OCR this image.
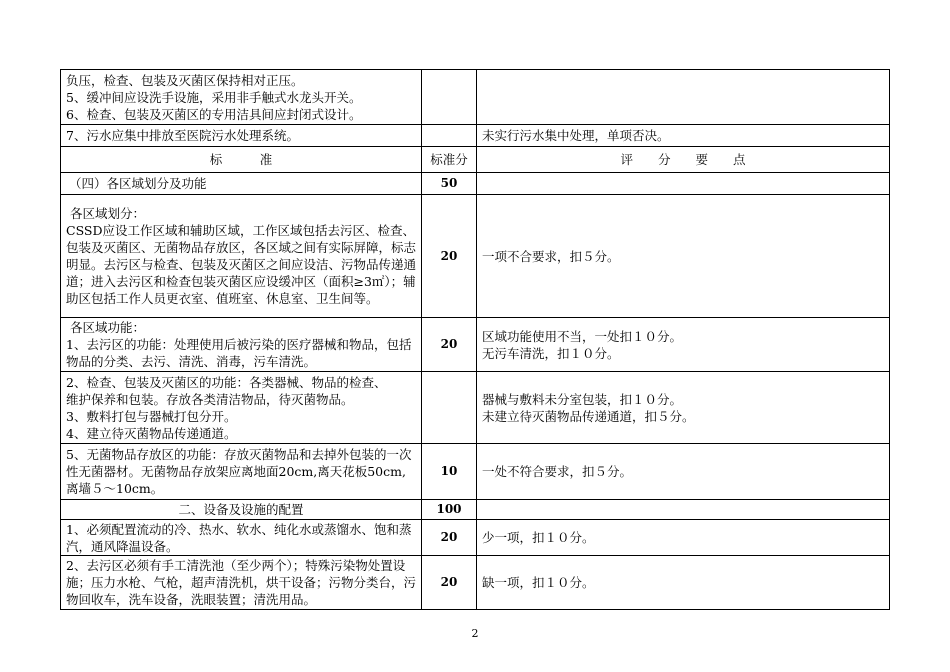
负压，检查、包装及灭菌区保持相对正压。
5、缓冲间应设洗手设施，采用非手触式水龙头开关。
6、检查、包装及灭菌区的专用洁具间应封闭式设计。		

7、污水应集中排放至医院污水处理系统。		未实行污水集中处理，单项否决。

标　　　准	标准分	评　　分　　要　　点
（四）各区域划分及功能	50	

各区域划分：
CSSD应设工作区域和辅助区域，工作区域包括去污区、检查、包装及灭菌区、无菌物品存放区，各区域之间有实际屏障，标志明显。去污区与检查、包装及灭菌区之间应设洁、污物品传递通道；进入去污区和检查包装灭菌区应设缓冲区（面积≥3㎡）；辅助区包括工作人员更衣室、值班室、休息室、卫生间等。	20	一项不合要求，扣５分。

各区域功能：
1、去污区的功能：处理使用后被污染的医疗器械和物品，包括物品的分类、去污、清洗、消毒，污车清洗。	20	区域功能使用不当，一处扣１０分。
无污车清洗，扣１０分。

2、检查、包装及灭菌区的功能：各类器械、物品的检查、
维护保养和包装。存放各类清洁物品，待灭菌物品。
3、敷料打包与器械打包分开。
4、建立待灭菌物品传递通道。		器械与敷料未分室包装，扣１０分。
未建立待灭菌物品传递通道，扣５分。

5、无菌物品存放区的功能：存放灭菌物品和去掉外包装的一次性无菌器材。无菌物品存放架应离地面20cm,离天花板50cm,离墙５～10cm。	10	一处不符合要求，扣５分。
二、设备及设施的配置	100	

1、必须配置流动的冷、热水、软水、纯化水或蒸馏水、饱和蒸汽，通风降温设备。	20	少一项，扣１０分。

2、去污区必须有手工清洗池（至少两个）；特殊污染物处置设施；压力水枪、气枪，超声清洗机，烘干设备；污物分类台，污物回收车，洗车设备，洗眼装置；清洗用品。	20	缺一项，扣１０分。
2
